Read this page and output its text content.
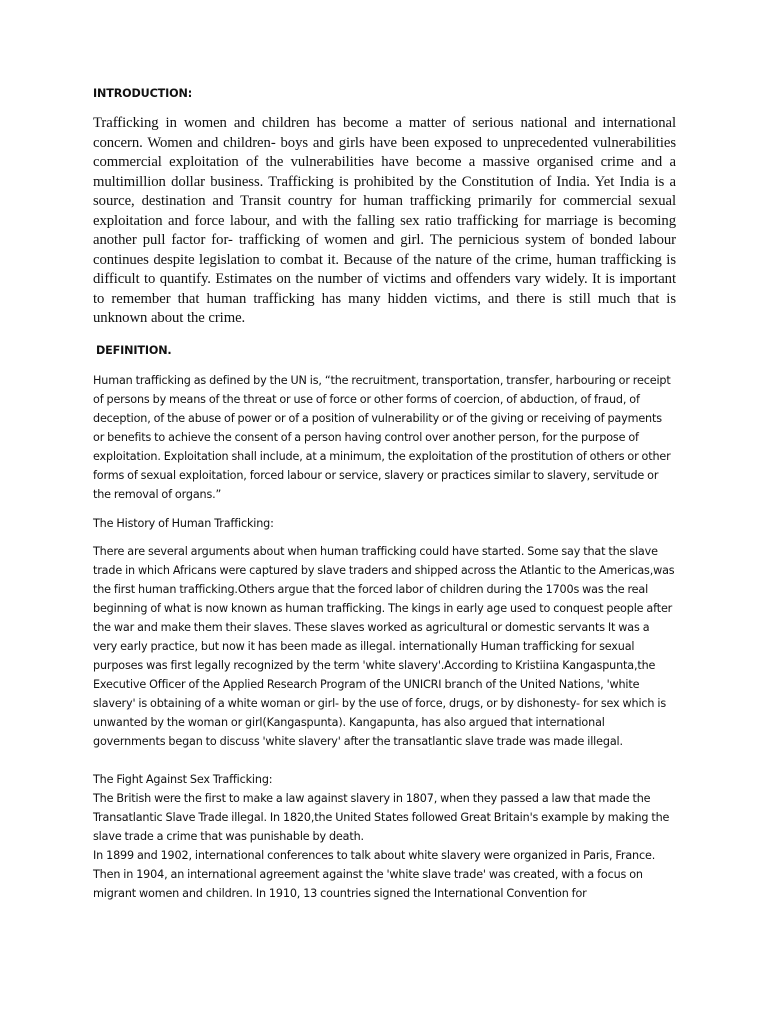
INTRODUCTION:

Trafficking in women and children has become a matter of serious national and international concern. Women and children- boys and girls have been exposed to unprecedented vulnerabilities commercial exploitation of the vulnerabilities have become a massive organised crime and a multimillion dollar business. Trafficking is prohibited by the Constitution of India. Yet India is a source, destination and Transit country for human trafficking primarily for commercial sexual exploitation and force labour, and with the falling sex ratio trafficking for marriage is becoming another pull factor for- trafficking of women and girl. The pernicious system of bonded labour continues despite legislation to combat it. Because of the nature of the crime, human trafficking is difficult to quantify. Estimates on the number of victims and offenders vary widely. It is important to remember that human trafficking has many hidden victims, and there is still much that is unknown about the crime.

DEFINITION.

Human trafficking as defined by the UN is, “the recruitment, transportation, transfer, harbouring or receipt of persons by means of the threat or use of force or other forms of coercion, of abduction, of fraud, of deception, of the abuse of power or of a position of vulnerability or of the giving or receiving of payments or benefits to achieve the consent of a person having control over another person, for the purpose of exploitation. Exploitation shall include, at a minimum, the exploitation of the prostitution of others or other forms of sexual exploitation, forced labour or service, slavery or practices similar to slavery, servitude or the removal of organs.”

The History of Human Trafficking:

There are several arguments about when human trafficking could have started. Some say that the slave trade in which Africans were captured by slave traders and shipped across the Atlantic to the Americas,was the first human trafficking.Others argue that the forced labor of children during the 1700s was the real beginning of what is now known as human trafficking. The kings in early age used to conquest people after the war and make them their slaves. These slaves worked as agricultural or domestic servants It was a very early practice, but now it has been made as illegal. internationally Human trafficking for sexual purposes was first legally recognized by the term 'white slavery'.According to Kristiina Kangaspunta,the Executive Officer of the Applied Research Program of the UNICRI branch of the United Nations, 'white slavery' is obtaining of a white woman or girl- by the use of force, drugs, or by dishonesty- for sex which is unwanted by the woman or girl(Kangaspunta). Kangapunta, has also argued that international governments began to discuss 'white slavery' after the transatlantic slave trade was made illegal.

The Fight Against Sex Trafficking:

The British were the first to make a law against slavery in 1807, when they passed a law that made the Transatlantic Slave Trade illegal. In 1820,the United States followed Great Britain's example by making the slave trade a crime that was punishable by death.

In 1899 and 1902, international conferences to talk about white slavery were organized in Paris, France. Then in 1904, an international agreement against the 'white slave trade' was created, with a focus on migrant women and children. In 1910, 13 countries signed the International Convention for
